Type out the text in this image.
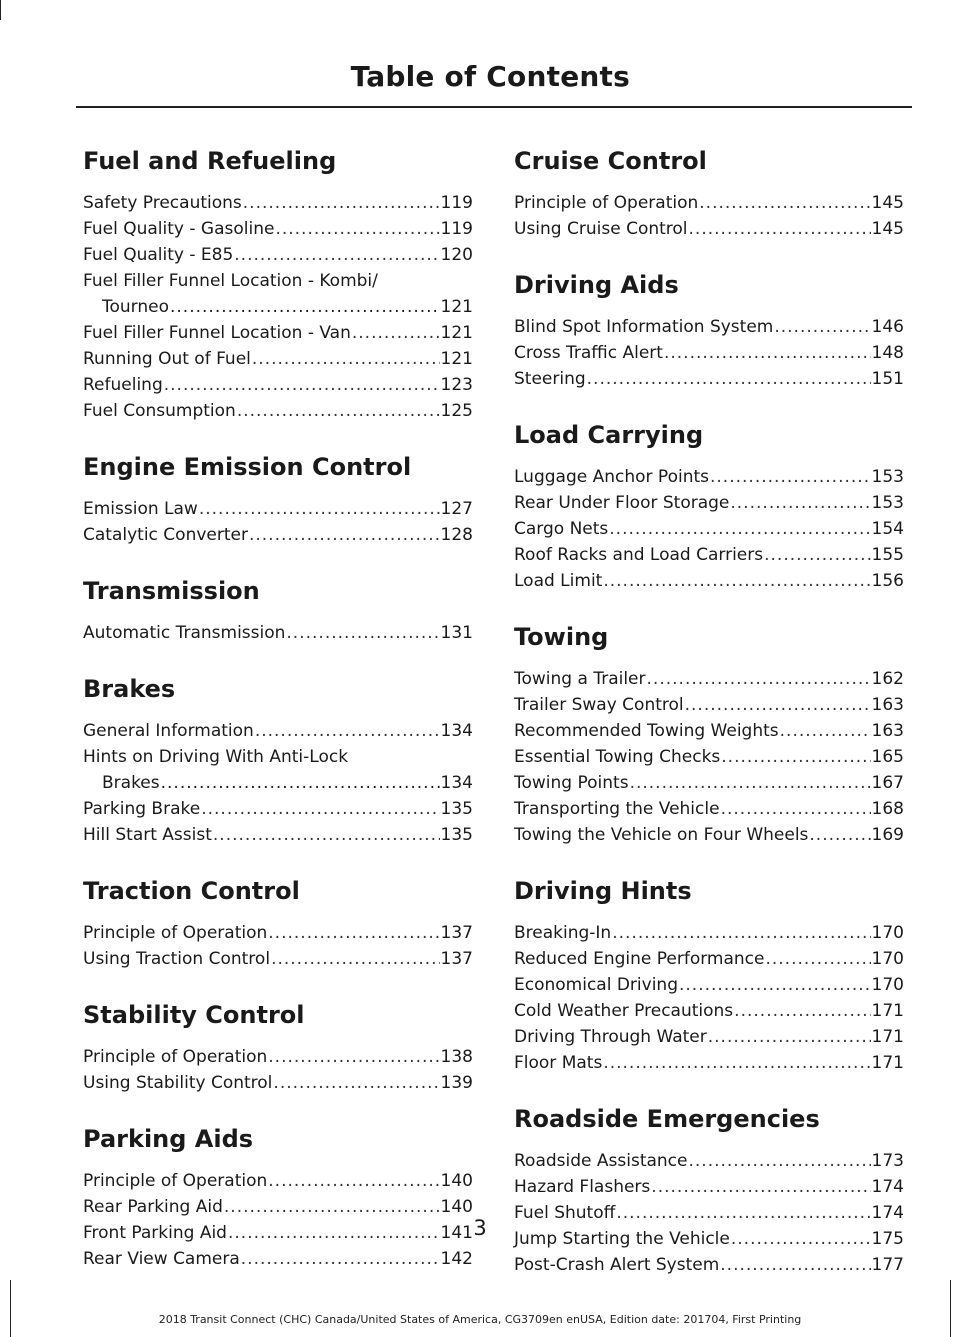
Table of Contents
Fuel and Refueling
Safety Precautions .....	119
Fuel Quality - Gasoline .....	119
Fuel Quality - E85 .....	120
Fuel Filler Funnel Location - Kombi/
Tourneo .....	121
Fuel Filler Funnel Location - Van .....	121
Running Out of Fuel .....	121
Refueling .....	123
Fuel Consumption .....	125
Engine Emission Control
Emission Law .....	127
Catalytic Converter .....	128
Transmission
Automatic Transmission .....	131
Brakes
General Information .....	134
Hints on Driving With Anti-Lock
Brakes .....	134
Parking Brake .....	135
Hill Start Assist .....	135
Traction Control
Principle of Operation .....	137
Using Traction Control .....	137
Stability Control
Principle of Operation .....	138
Using Stability Control .....	139
Parking Aids
Principle of Operation .....	140
Rear Parking Aid .....	140
Front Parking Aid .....	141
Rear View Camera .....	142
Cruise Control
Principle of Operation .....	145
Using Cruise Control .....	145
Driving Aids
Blind Spot Information System .....	146
Cross Traffic Alert .....	148
Steering .....	151
Load Carrying
Luggage Anchor Points .....	153
Rear Under Floor Storage .....	153
Cargo Nets .....	154
Roof Racks and Load Carriers .....	155
Load Limit .....	156
Towing
Towing a Trailer .....	162
Trailer Sway Control .....	163
Recommended Towing Weights .....	163
Essential Towing Checks .....	165
Towing Points .....	167
Transporting the Vehicle .....	168
Towing the Vehicle on Four Wheels .....	169
Driving Hints
Breaking-In .....	170
Reduced Engine Performance .....	170
Economical Driving .....	170
Cold Weather Precautions .....	171
Driving Through Water .....	171
Floor Mats .....	171
Roadside Emergencies
Roadside Assistance .....	173
Hazard Flashers .....	174
Fuel Shutoff .....	174
Jump Starting the Vehicle .....	175
Post-Crash Alert System .....	177
3
2018 Transit Connect (CHC) Canada/United States of America, CG3709en enUSA, Edition date: 201704, First Printing
